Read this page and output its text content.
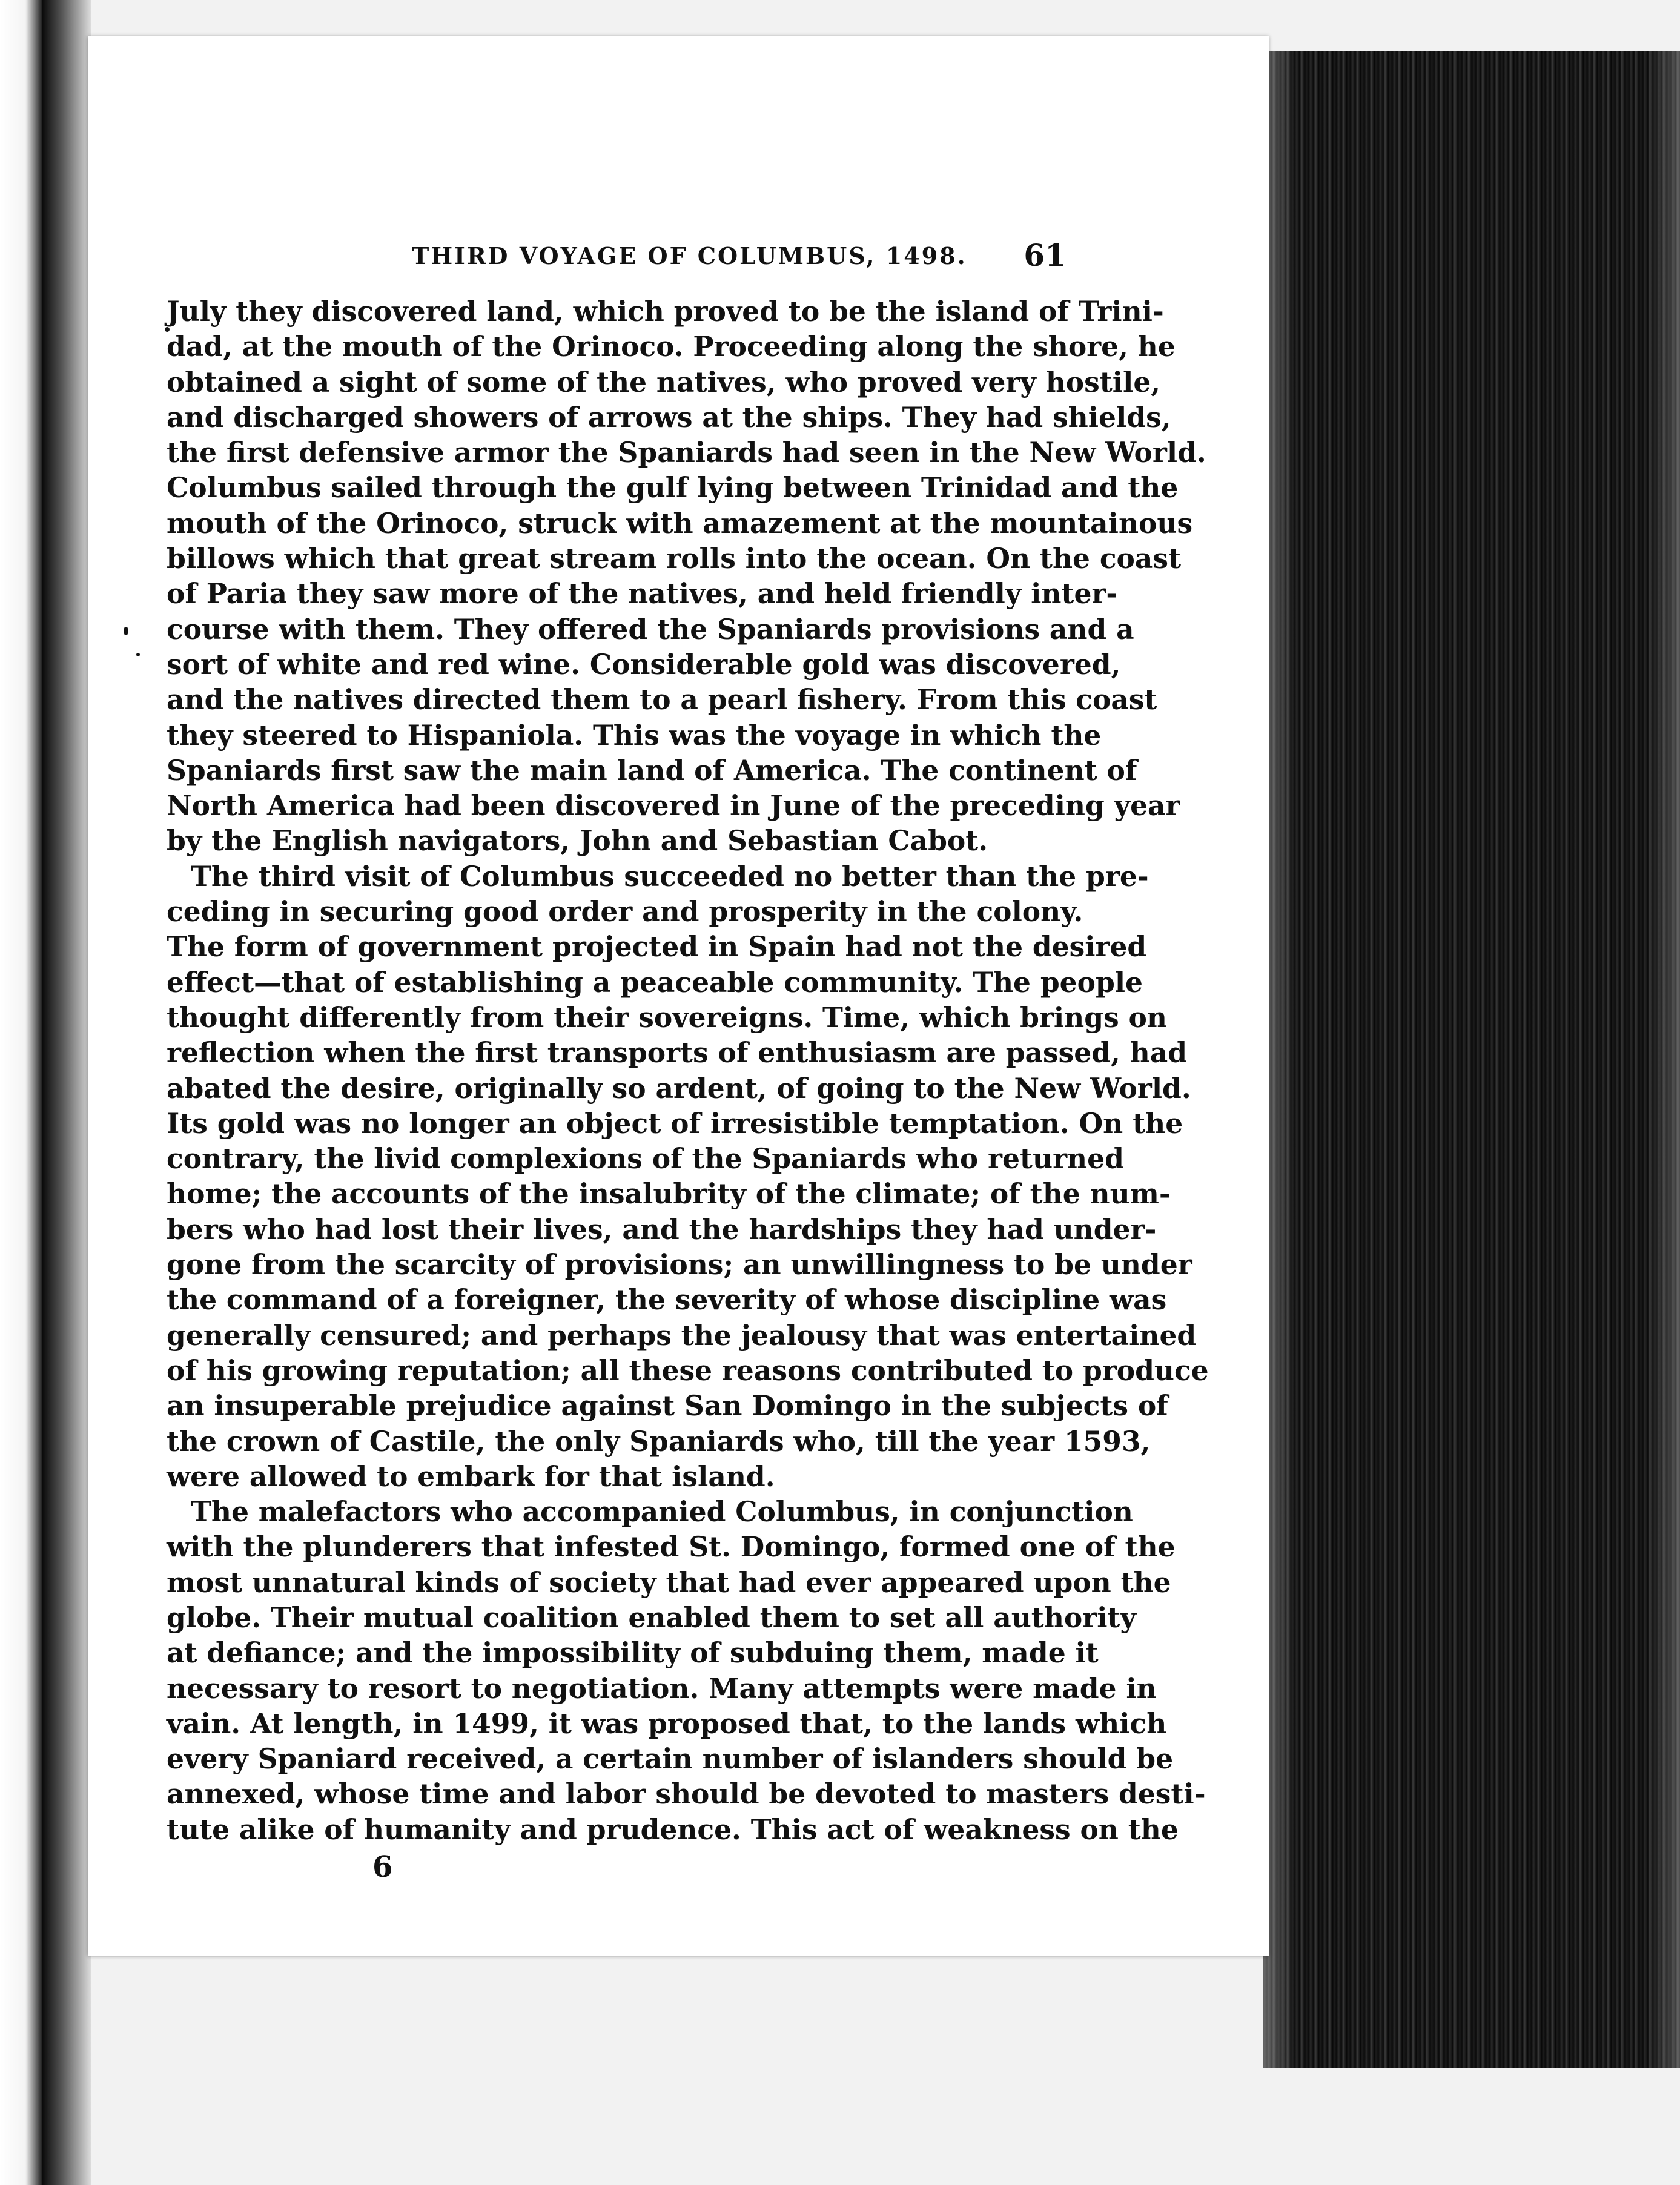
THIRD VOYAGE OF COLUMBUS, 1498. 61
July they discovered land, which proved to be the island of Trini-
dad, at the mouth of the Orinoco. Proceeding along the shore, he
obtained a sight of some of the natives, who proved very hostile,
and discharged showers of arrows at the ships. They had shields,
the first defensive armor the Spaniards had seen in the New World.
Columbus sailed through the gulf lying between Trinidad and the
mouth of the Orinoco, struck with amazement at the mountainous
billows which that great stream rolls into the ocean. On the coast
of Paria they saw more of the natives, and held friendly inter-
course with them. They offered the Spaniards provisions and a
sort of white and red wine. Considerable gold was discovered,
and the natives directed them to a pearl fishery. From this coast
they steered to Hispaniola. This was the voyage in which the
Spaniards first saw the main land of America. The continent of
North America had been discovered in June of the preceding year
by the English navigators, John and Sebastian Cabot.
The third visit of Columbus succeeded no better than the pre-
ceding in securing good order and prosperity in the colony.
The form of government projected in Spain had not the desired
effect—that of establishing a peaceable community. The people
thought differently from their sovereigns. Time, which brings on
reflection when the first transports of enthusiasm are passed, had
abated the desire, originally so ardent, of going to the New World.
Its gold was no longer an object of irresistible temptation. On the
contrary, the livid complexions of the Spaniards who returned
home; the accounts of the insalubrity of the climate; of the num-
bers who had lost their lives, and the hardships they had under-
gone from the scarcity of provisions; an unwillingness to be under
the command of a foreigner, the severity of whose discipline was
generally censured; and perhaps the jealousy that was entertained
of his growing reputation; all these reasons contributed to produce
an insuperable prejudice against San Domingo in the subjects of
the crown of Castile, the only Spaniards who, till the year 1593,
were allowed to embark for that island.
The malefactors who accompanied Columbus, in conjunction
with the plunderers that infested St. Domingo, formed one of the
most unnatural kinds of society that had ever appeared upon the
globe. Their mutual coalition enabled them to set all authority
at defiance; and the impossibility of subduing them, made it
necessary to resort to negotiation. Many attempts were made in
vain. At length, in 1499, it was proposed that, to the lands which
every Spaniard received, a certain number of islanders should be
annexed, whose time and labor should be devoted to masters desti-
tute alike of humanity and prudence. This act of weakness on the
6
